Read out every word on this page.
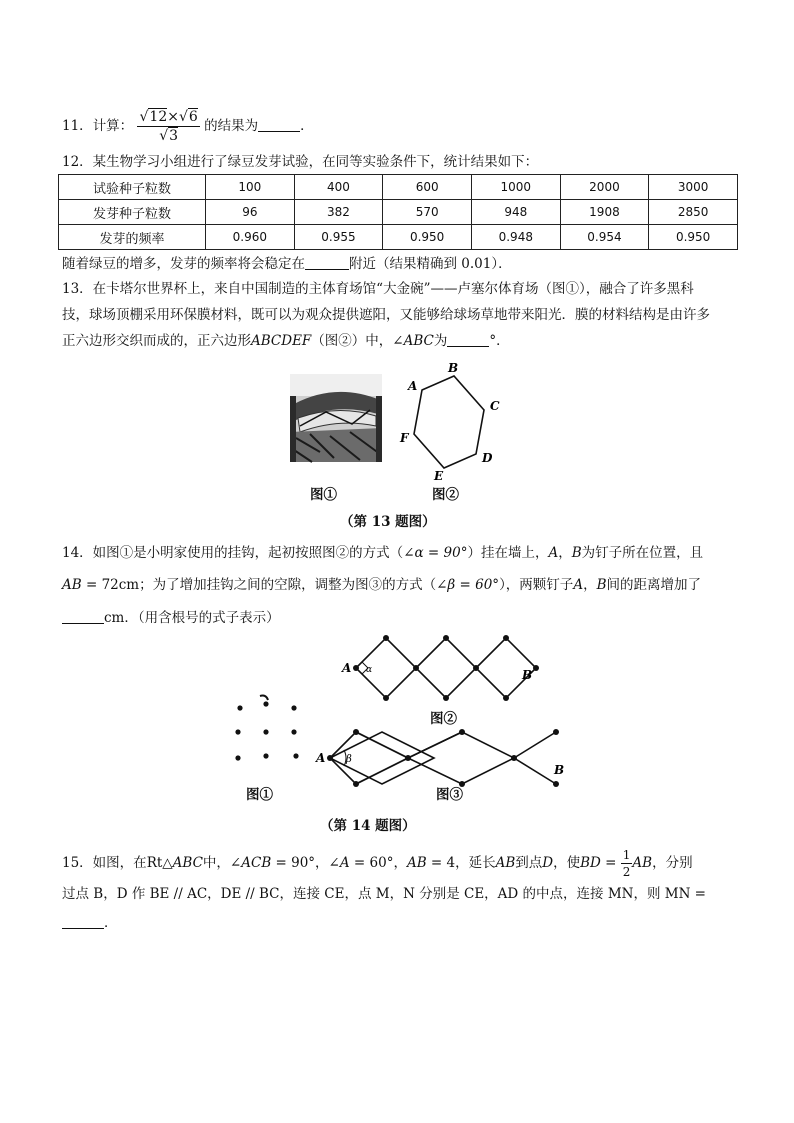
11．计算： $\frac{√12\times√6}{√3}$ 的结果为	．
12．某生物学习小组进行了绿豆发芽试验，在同等实验条件下，统计结果如下：
试验种子粒数	100	400	600	1000	2000	3000
发芽种子粒数	96	382	570	948	1908	2850
发芽的频率	0.960	0.955	0.950	0.948	0.954	0.950
随着绿豆的增多，发芽的频率将会稳定在	附近（结果精确到 0.01）．
13．在卡塔尔世界杯上，来自中国制造的主体育场馆“大金碗”——卢塞尔体育场（图①），融合了许多黑科
技，球场顶棚采用环保膜材料，既可以为观众提供遮阳，又能够给球场草地带来阳光．膜的材料结构是由许多
正六边形交织而成的，正六边形ABCDEF（图②）中，∠ABC为	°．
图①
A
B
C
D
E
F
图②
（第 13 题图）
14．如图①是小明家使用的挂钩，起初按照图②的方式（∠α = 90°）挂在墙上，A，B为钉子所在位置，且
AB = 72cm；为了增加挂钩之间的空隙，调整为图③的方式（∠β = 60°），两颗钉子A，B间的距离增加了
cm．（用含根号的式子表示）
图①
A α	B
图②
A β
B
图③
（第 14 题图）
15．如图，在Rt△ABC中，∠ACB = 90°，∠A = 60°，AB = 4，延长AB到点D，使BD = $\frac{1}{2}$ AB，分别
过点 B，D 作 BE // AC，DE // BC，连接 CE，点 M，N 分别是 CE，AD 的中点，连接 MN，则 MN =
．
